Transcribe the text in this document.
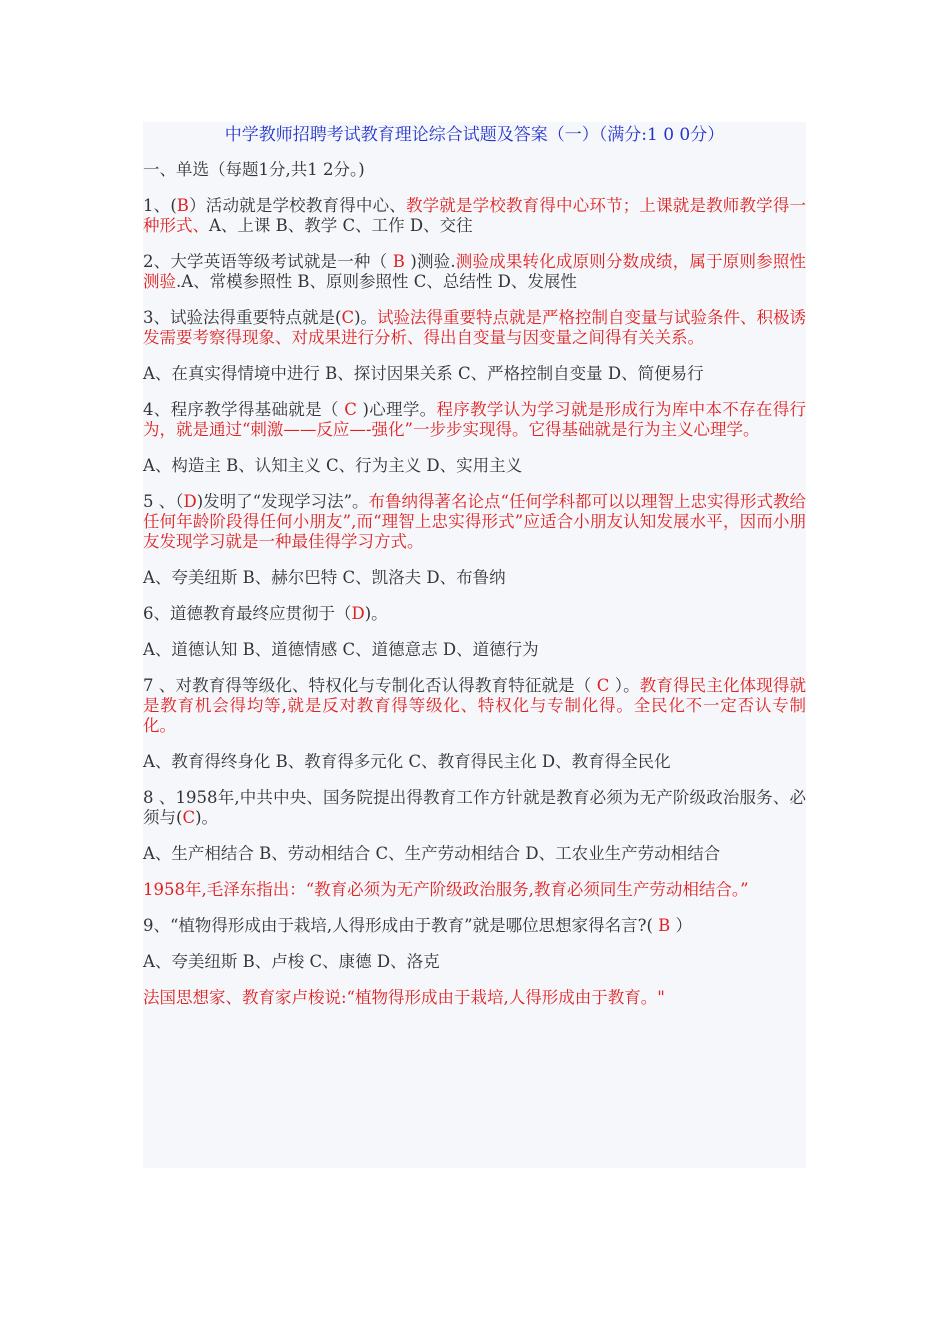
中学教师招聘考试教育理论综合试题及答案（一）（满分:1 0 0分）
一、单选（每题1分,共1 2分。)
1、(B）活动就是学校教育得中心、教学就是学校教育得中心环节；上课就是教师教学得一种形式、A、上课 B、教学 C、工作 D、交往
2、大学英语等级考试就是一种（ B )测验.测验成果转化成原则分数成绩，属于原则参照性测验.A、常模参照性 B、原则参照性 C、总结性 D、发展性
3、试验法得重要特点就是(C)。试验法得重要特点就是严格控制自变量与试验条件、积极诱发需要考察得现象、对成果进行分析、得出自变量与因变量之间得有关关系。
A、在真实得情境中进行 B、探讨因果关系 C、严格控制自变量 D、简便易行
4、程序教学得基础就是（ C )心理学。程序教学认为学习就是形成行为库中本不存在得行为，就是通过“刺激——反应—-强化”一步步实现得。它得基础就是行为主义心理学。
A、构造主 B、认知主义 C、行为主义 D、实用主义
5 、（D)发明了“发现学习法”。布鲁纳得著名论点“任何学科都可以以理智上忠实得形式教给任何年龄阶段得任何小朋友”,而“理智上忠实得形式”应适合小朋友认知发展水平，因而小朋友发现学习就是一种最佳得学习方式。
A、夸美纽斯 B、赫尔巴特 C、凯洛夫 D、布鲁纳
6、道德教育最终应贯彻于（D)。
A、道德认知 B、道德情感 C、道德意志 D、道德行为
7 、对教育得等级化、特权化与专制化否认得教育特征就是（ C ）。教育得民主化体现得就是教育机会得均等,就是反对教育得等级化、特权化与专制化得。全民化不一定否认专制化。
A、教育得终身化 B、教育得多元化 C、教育得民主化 D、教育得全民化
8 、1958年,中共中央、国务院提出得教育工作方针就是教育必须为无产阶级政治服务、必须与(C)。
A、生产相结合 B、劳动相结合 C、生产劳动相结合 D、工农业生产劳动相结合
1958年,毛泽东指出：“教育必须为无产阶级政治服务,教育必须同生产劳动相结合。”
9、“植物得形成由于栽培,人得形成由于教育”就是哪位思想家得名言?( B ）
A、夸美纽斯 B、卢梭 C、康德 D、洛克
法国思想家、教育家卢梭说:“植物得形成由于栽培,人得形成由于教育。"
